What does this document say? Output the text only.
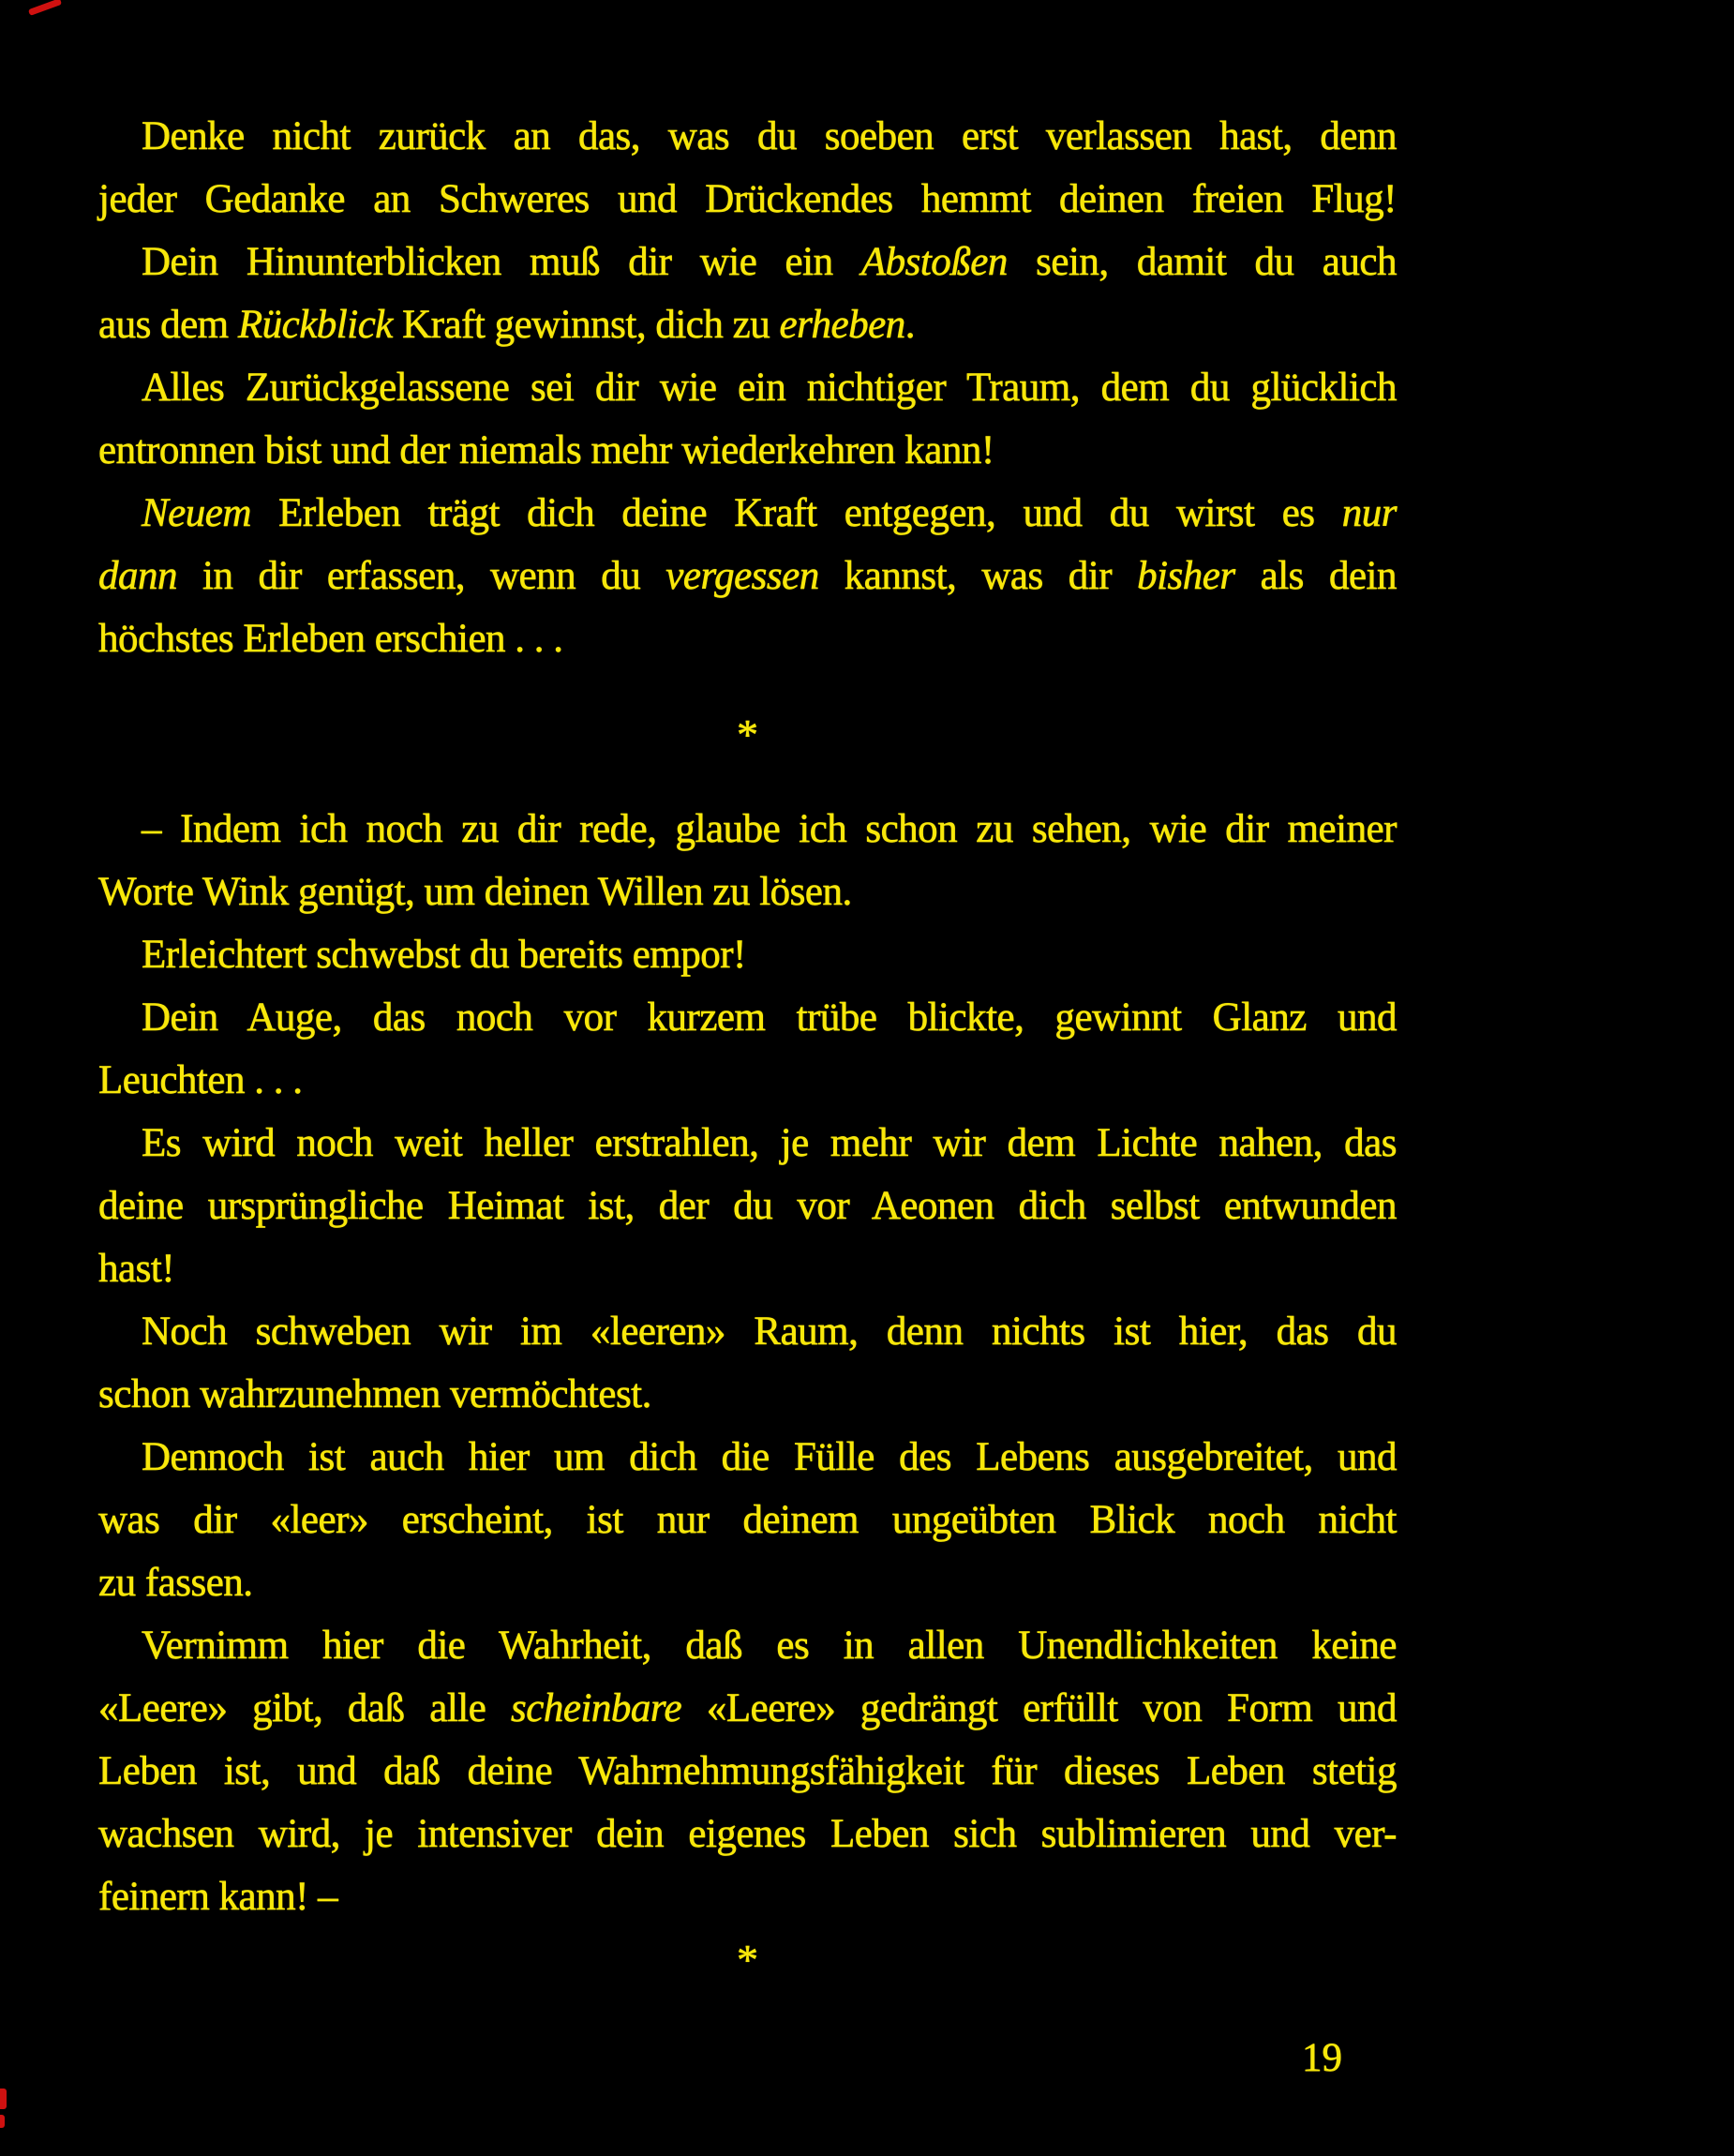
Denke nicht zurück an das, was du soeben erst verlassen hast, denn
jeder Gedanke an Schweres und Drückendes hemmt deinen freien Flug!
Dein Hinunterblicken muß dir wie ein Abstoßen sein, damit du auch
aus dem Rückblick Kraft gewinnst, dich zu erheben.
Alles Zurückgelassene sei dir wie ein nichtiger Traum, dem du glücklich
entronnen bist und der niemals mehr wiederkehren kann!
Neuem Erleben trägt dich deine Kraft entgegen, und du wirst es nur
dann in dir erfassen, wenn du vergessen kannst, was dir bisher als dein
höchstes Erleben erschien . . .
*
– Indem ich noch zu dir rede, glaube ich schon zu sehen, wie dir meiner
Worte Wink genügt, um deinen Willen zu lösen.
Erleichtert schwebst du bereits empor!
Dein Auge, das noch vor kurzem trübe blickte, gewinnt Glanz und
Leuchten . . .
Es wird noch weit heller erstrahlen, je mehr wir dem Lichte nahen, das
deine ursprüngliche Heimat ist, der du vor Aeonen dich selbst entwunden
hast!
Noch schweben wir im «leeren» Raum, denn nichts ist hier, das du
schon wahrzunehmen vermöchtest.
Dennoch ist auch hier um dich die Fülle des Lebens ausgebreitet, und
was dir «leer» erscheint, ist nur deinem ungeübten Blick noch nicht
zu fassen.
Vernimm hier die Wahrheit, daß es in allen Unendlichkeiten keine
«Leere» gibt, daß alle scheinbare «Leere» gedrängt erfüllt von Form und
Leben ist, und daß deine Wahrnehmungsfähigkeit für dieses Leben stetig
wachsen wird, je intensiver dein eigenes Leben sich sublimieren und ver-
feinern kann! –
*
19
